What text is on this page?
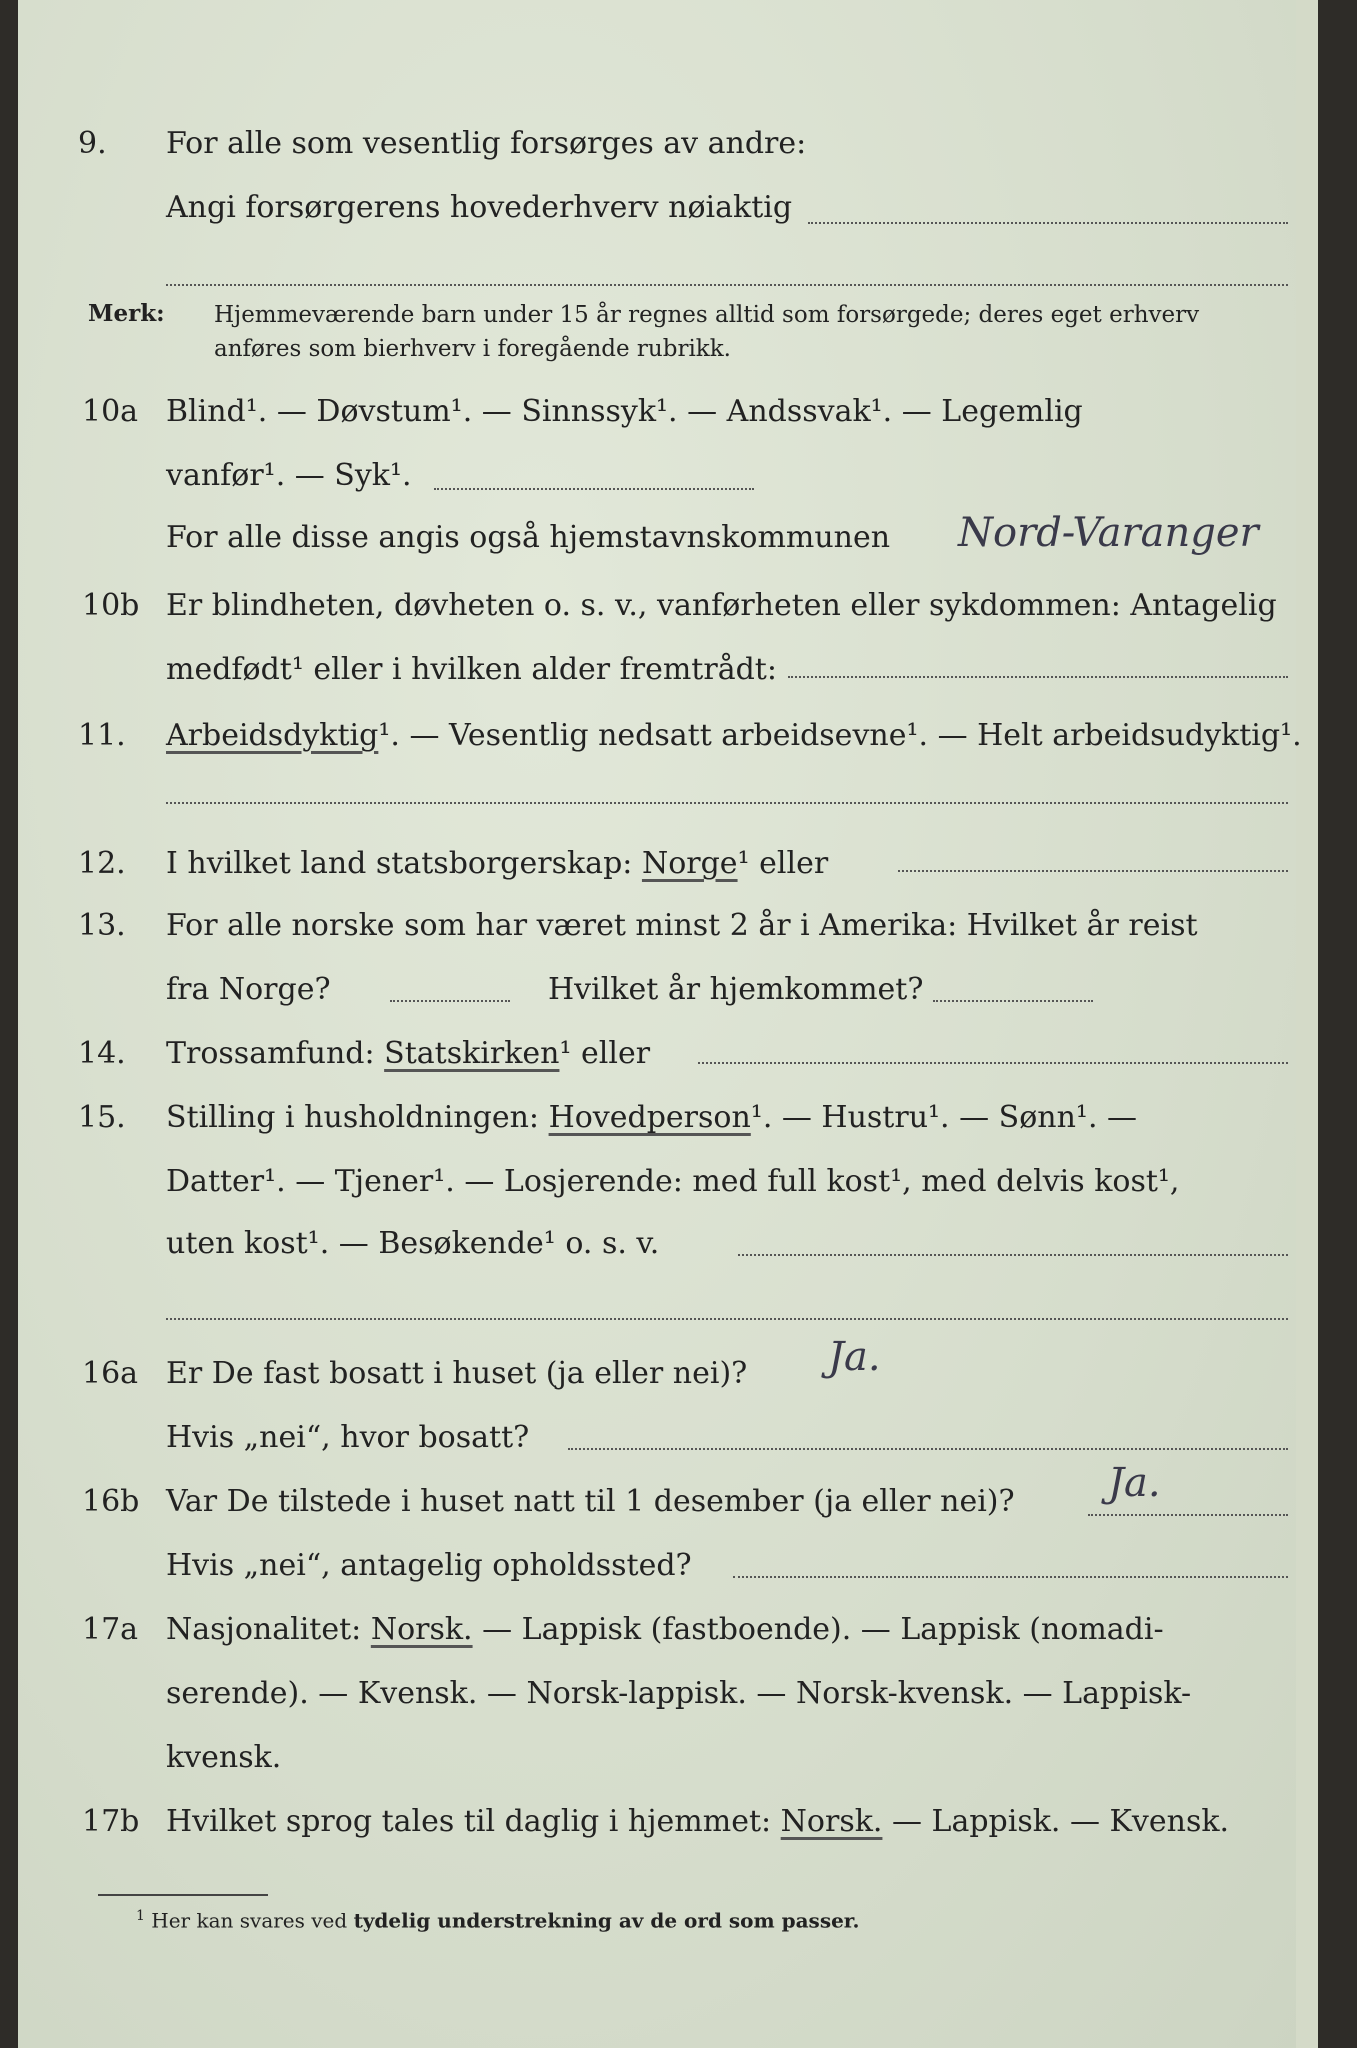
9. For alle som vesentlig forsørges av andre:
Angi forsørgerens hovederhverv nøiaktig
Merk: Hjemmeværende barn under 15 år regnes alltid som forsørgede; deres eget erhverv
anføres som bierhverv i foregående rubrikk.
10a Blind¹. — Døvstum¹. — Sinnssyk¹. — Andssvak¹. — Legemlig
vanfør¹. — Syk¹.
For alle disse angis også hjemstavnskommunen Nord-Varanger
10b Er blindheten, døvheten o. s. v., vanførheten eller sykdommen: Antagelig
medfødt¹ eller i hvilken alder fremtrådt:
11. Arbeidsdyktig¹. — Vesentlig nedsatt arbeidsevne¹. — Helt arbeidsudyktig¹.
12. I hvilket land statsborgerskap: Norge¹ eller
13. For alle norske som har været minst 2 år i Amerika: Hvilket år reist
fra Norge?	Hvilket år hjemkommet?
14. Trossamfund: Statskirken¹ eller
15. Stilling i husholdningen: Hovedperson¹. — Hustru¹. — Sønn¹. —
Datter¹. — Tjener¹. — Losjerende: med full kost¹, med delvis kost¹,
uten kost¹. — Besøkende¹ o. s. v.
16a Er De fast bosatt i huset (ja eller nei)? Ja.
Hvis „nei“, hvor bosatt?
16b Var De tilstede i huset natt til 1 desember (ja eller nei)? Ja.
Hvis „nei“, antagelig opholdssted?
17a Nasjonalitet: Norsk. — Lappisk (fastboende). — Lappisk (nomadi-
serende). — Kvensk. — Norsk-lappisk. — Norsk-kvensk. — Lappisk-
kvensk.
17b Hvilket sprog tales til daglig i hjemmet: Norsk. — Lappisk. — Kvensk.
$^1$ Her kan svares ved tydelig understrekning av de ord som passer.
